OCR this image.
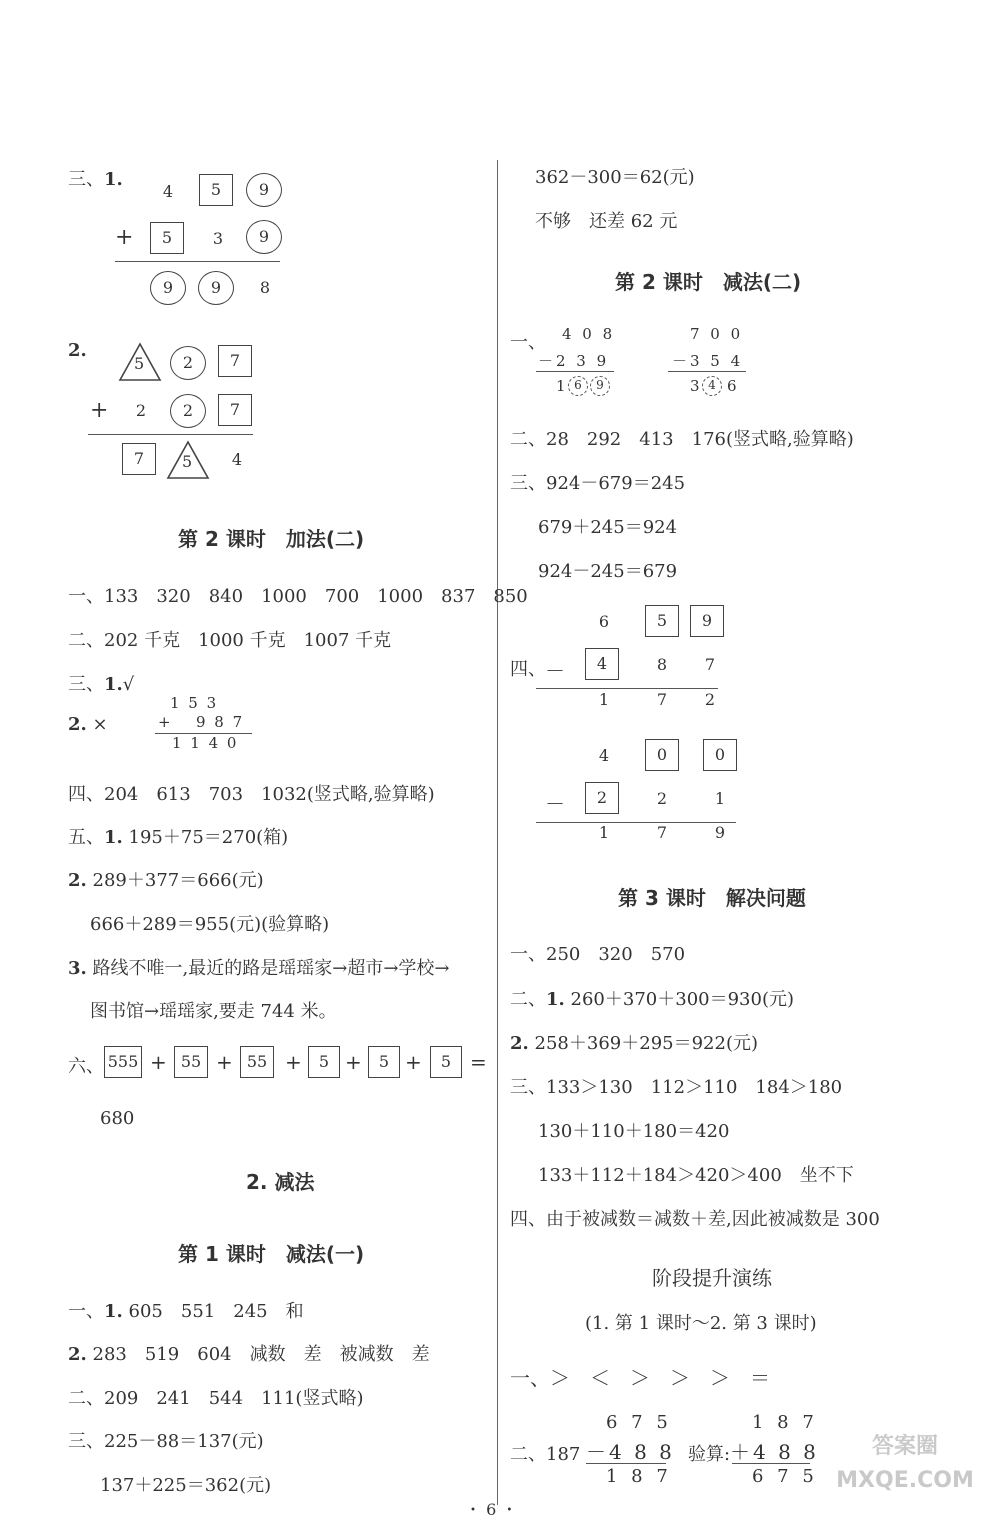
三、1.
4	5	9
+	5	3	9
9	9	8
2.
5	2	7
+	2	2	7
7	5	4
第 2 课时　加法(二)
一、133　320　840　1000　700　1000　837　850
二、202 千克　1000 千克　1007 千克
三、1.√
2. ×
1 5 3
+ 9 8 7
1 1 4 0
四、204　613　703　1032(竖式略,验算略)
五、1. 195＋75＝270(箱)
2. 289＋377＝666(元)
666＋289＝955(元)(验算略)
3. 路线不唯一,最近的路是瑶瑶家→超市→学校→
图书馆→瑶瑶家,要走 744 米。
六、 555 + 55 + 55 +	5 +	5 +	5 =
680
2. 减法
第 1 课时　减法(一)
一、1. 605　551　245　和
2. 283　519　604　减数　差　被减数　差
二、209　241　544　111(竖式略)
三、225－88＝137(元)
137＋225＝362(元)
362－300＝62(元)
不够　还差 62 元
第 2 课时　减法(二)
一、 4 0 8
－2 3 9
1 6	9
7 0 0
－3 5 4
3 4 6
二、28　292　413　176(竖式略,验算略)
三、924－679＝245
679＋245＝924
924－245＝679
6	5	9
四、 －	4	8	7
1	7	2
4	0	0
－	2	2	1
1	7	9
第 3 课时　解决问题
一、250　320　570
二、1. 260＋370＋300＝930(元)
2. 258＋369＋295＝922(元)
三、133＞130　112＞110　184＞180
130＋110＋180＝420
133＋112＋184＞420＞400　坐不下
四、由于被减数＝减数＋差,因此被减数是 300
阶段提升演练
(1. 第 1 课时～2. 第 3 课时)
一、＞　＜　＞　＞　＞　＝
二、187
6 7 5
－4 8 8
1 8 7
验算:
1 8 7
＋4 8 8
6 7 5
・ 6 ・
答案圈 MXQE.COM
